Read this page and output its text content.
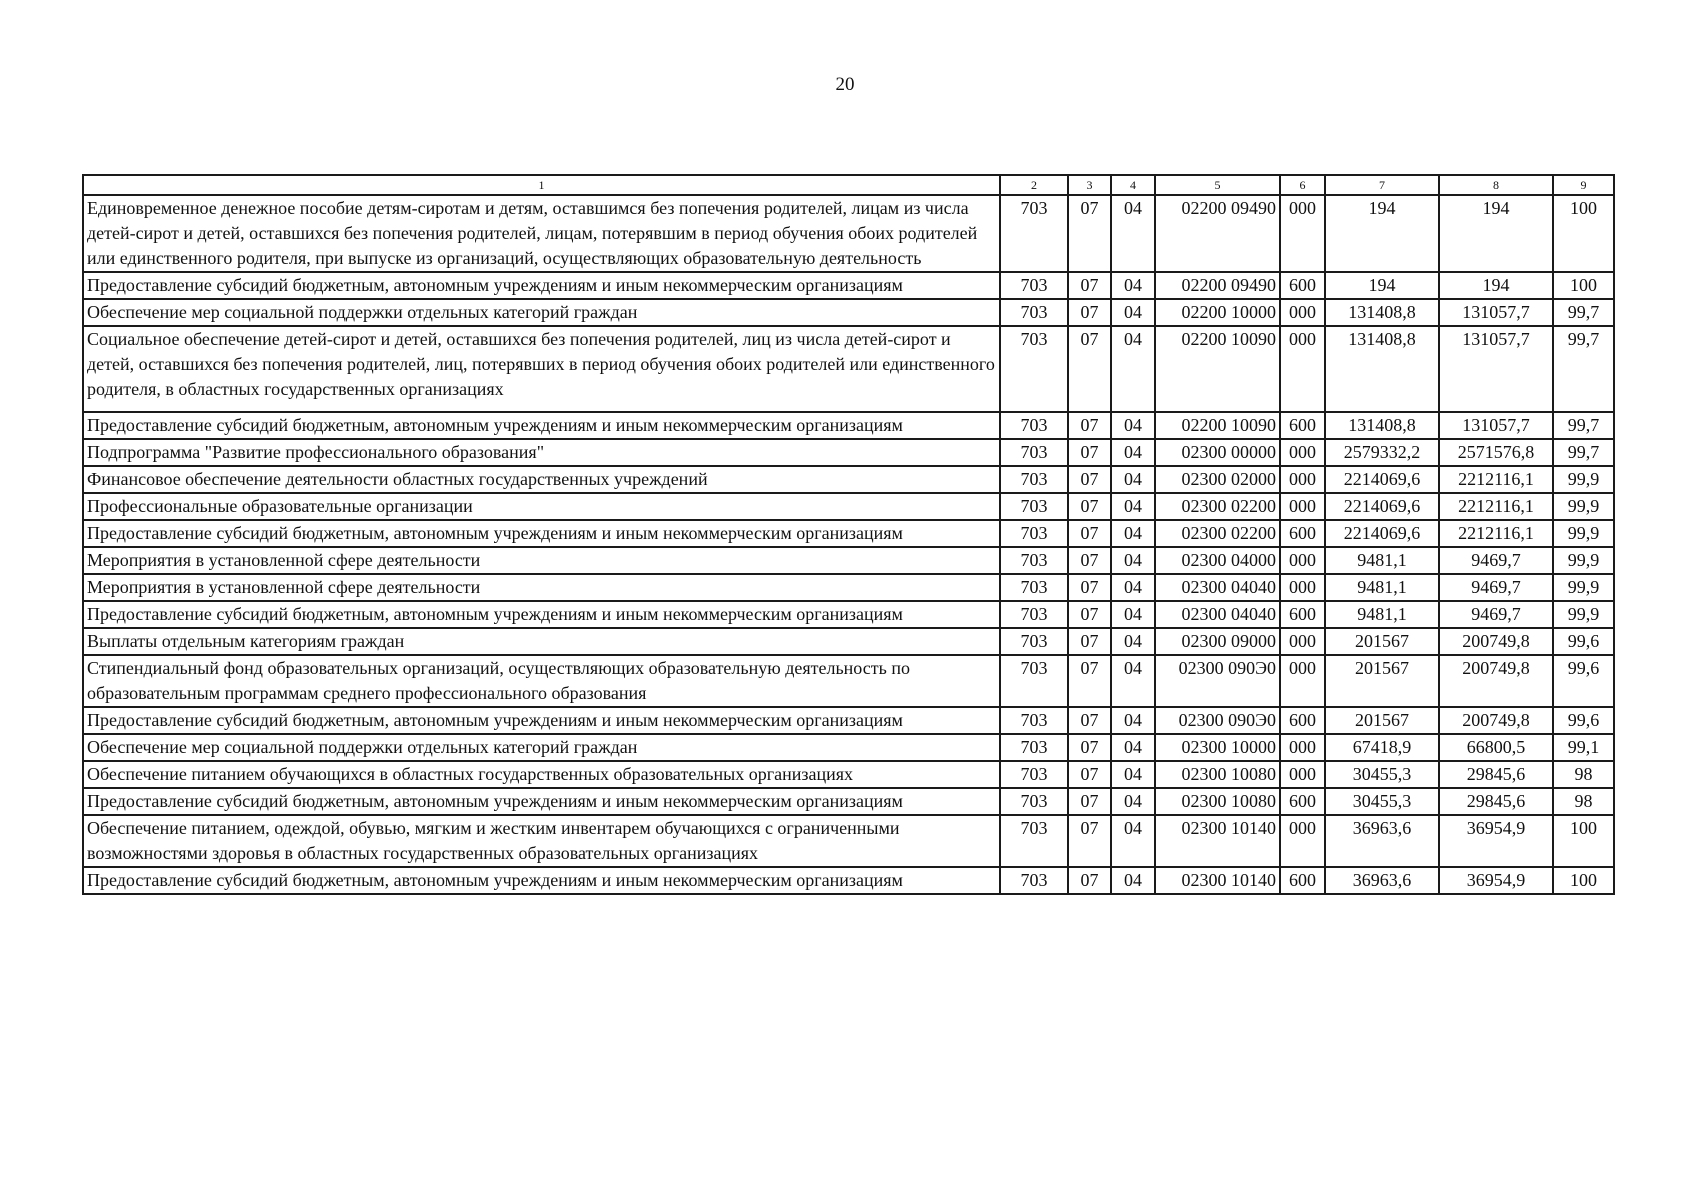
20
1	2	3	4	5	6	7	8	9
Единовременное денежное пособие детям-сиротам и детям, оставшимся без попечения родителей, лицам из числа детей-сирот и детей, оставшихся без попечения родителей, лицам, потерявшим в период обучения обоих родителей или единственного родителя, при выпуске из организаций, осуществляющих образовательную деятельность	703	07	04	02200 09490	000	194	194	100
Предоставление субсидий бюджетным, автономным учреждениям и иным некоммерческим организациям	703	07	04	02200 09490	600	194	194	100
Обеспечение мер социальной поддержки отдельных категорий граждан	703	07	04	02200 10000	000	131408,8	131057,7	99,7
Социальное обеспечение детей-сирот и детей, оставшихся без попечения родителей, лиц из числа детей-сирот и детей, оставшихся без попечения родителей, лиц, потерявших в период обучения обоих родителей или единственного родителя, в областных государственных организациях	703	07	04	02200 10090	000	131408,8	131057,7	99,7
Предоставление субсидий бюджетным, автономным учреждениям и иным некоммерческим организациям	703	07	04	02200 10090	600	131408,8	131057,7	99,7
Подпрограмма "Развитие профессионального образования"	703	07	04	02300 00000	000	2579332,2	2571576,8	99,7
Финансовое обеспечение деятельности областных государственных учреждений	703	07	04	02300 02000	000	2214069,6	2212116,1	99,9
Профессиональные образовательные организации	703	07	04	02300 02200	000	2214069,6	2212116,1	99,9
Предоставление субсидий бюджетным, автономным учреждениям и иным некоммерческим организациям	703	07	04	02300 02200	600	2214069,6	2212116,1	99,9
Мероприятия в установленной сфере деятельности	703	07	04	02300 04000	000	9481,1	9469,7	99,9
Мероприятия в установленной сфере деятельности	703	07	04	02300 04040	000	9481,1	9469,7	99,9
Предоставление субсидий бюджетным, автономным учреждениям и иным некоммерческим организациям	703	07	04	02300 04040	600	9481,1	9469,7	99,9
Выплаты отдельным категориям граждан	703	07	04	02300 09000	000	201567	200749,8	99,6
Стипендиальный фонд образовательных организаций, осуществляющих образовательную деятельность по образовательным программам среднего профессионального образования	703	07	04	02300 090Э0	000	201567	200749,8	99,6
Предоставление субсидий бюджетным, автономным учреждениям и иным некоммерческим организациям	703	07	04	02300 090Э0	600	201567	200749,8	99,6
Обеспечение мер социальной поддержки отдельных категорий граждан	703	07	04	02300 10000	000	67418,9	66800,5	99,1
Обеспечение питанием обучающихся в областных государственных образовательных организациях	703	07	04	02300 10080	000	30455,3	29845,6	98
Предоставление субсидий бюджетным, автономным учреждениям и иным некоммерческим организациям	703	07	04	02300 10080	600	30455,3	29845,6	98
Обеспечение питанием, одеждой, обувью, мягким и жестким инвентарем обучающихся с ограниченными возможностями здоровья в областных государственных образовательных организациях	703	07	04	02300 10140	000	36963,6	36954,9	100
Предоставление субсидий бюджетным, автономным учреждениям и иным некоммерческим организациям	703	07	04	02300 10140	600	36963,6	36954,9	100
